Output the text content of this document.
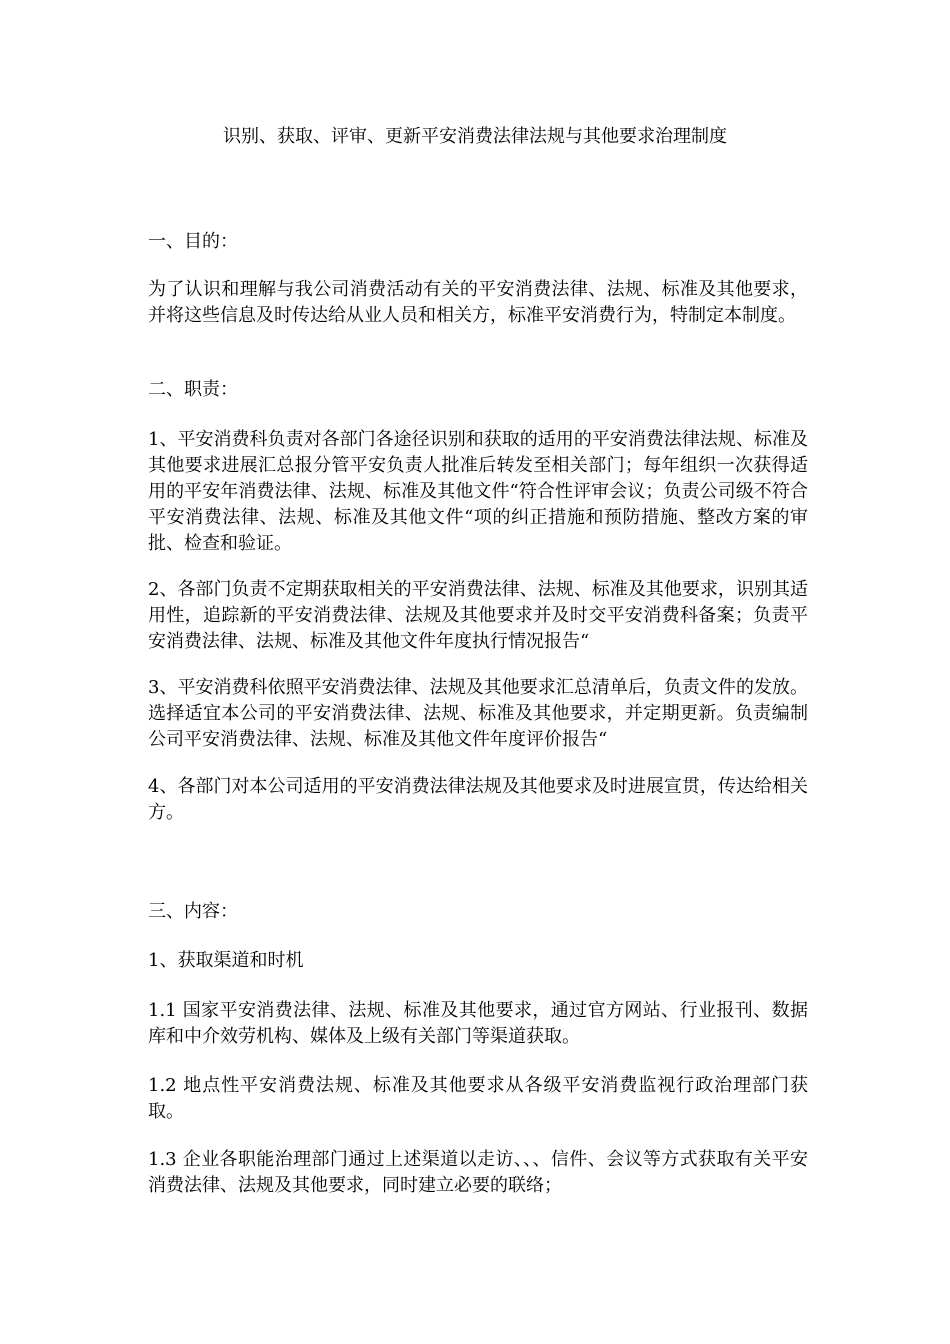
识别、获取、评审、更新平安消费法律法规与其他要求治理制度

一、目的：

为了认识和理解与我公司消费活动有关的平安消费法律、法规、标准及其他要求，并将这些信息及时传达给从业人员和相关方，标准平安消费行为，特制定本制度。

二、职责：

1、平安消费科负责对各部门各途径识别和获取的适用的平安消费法律法规、标准及其他要求进展汇总报分管平安负责人批准后转发至相关部门；每年组织一次获得适用的平安年消费法律、法规、标准及其他文件“符合性评审会议；负责公司级不符合平安消费法律、法规、标准及其他文件“项的纠正措施和预防措施、整改方案的审批、检查和验证。

2、各部门负责不定期获取相关的平安消费法律、法规、标准及其他要求，识别其适用性，追踪新的平安消费法律、法规及其他要求并及时交平安消费科备案；负责平安消费法律、法规、标准及其他文件年度执行情况报告“

3、平安消费科依照平安消费法律、法规及其他要求汇总清单后，负责文件的发放。选择适宜本公司的平安消费法律、法规、标准及其他要求，并定期更新。负责编制公司平安消费法律、法规、标准及其他文件年度评价报告“

4、各部门对本公司适用的平安消费法律法规及其他要求及时进展宣贯，传达给相关方。

三、内容：

1、获取渠道和时机

1.1 国家平安消费法律、法规、标准及其他要求，通过官方网站、行业报刊、数据库和中介效劳机构、媒体及上级有关部门等渠道获取。

1.2 地点性平安消费法规、标准及其他要求从各级平安消费监视行政治理部门获取。

1.3 企业各职能治理部门通过上述渠道以走访、、、信件、会议等方式获取有关平安消费法律、法规及其他要求，同时建立必要的联络；
